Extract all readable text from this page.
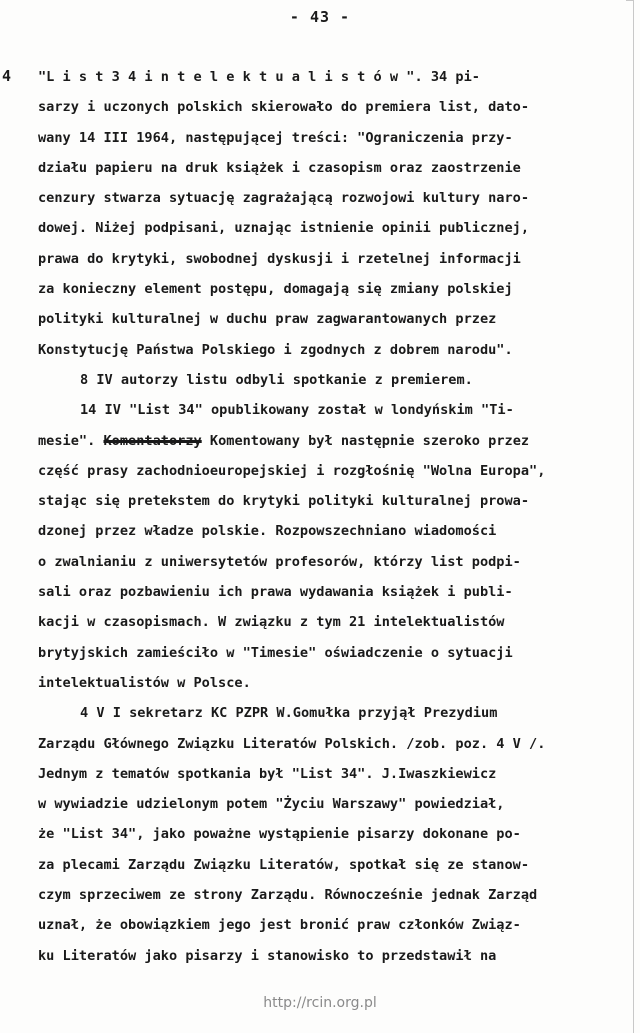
- 43 -
4 "L i s t 3 4 i n t e l e k t u a l i s t ó w ". 34 pi-
sarzy i uczonych polskich skierowało do premiera list, dato-
wany 14 III 1964, następującej treści: "Ograniczenia przy-
działu papieru na druk książek i czasopism oraz zaostrzenie
cenzury stwarza sytuację zagrażającą rozwojowi kultury naro-
dowej. Niżej podpisani, uznając istnienie opinii publicznej,
prawa do krytyki, swobodnej dyskusji i rzetelnej informacji
za konieczny element postępu, domagają się zmiany polskiej
polityki kulturalnej w duchu praw zagwarantowanych przez
Konstytucję Państwa Polskiego i zgodnych z dobrem narodu".
8 IV autorzy listu odbyli spotkanie z premierem.
14 IV "List 34" opublikowany został w londyńskim "Ti-
mesie". Komentatorzy Komentowany był następnie szeroko przez
część prasy zachodnioeuropejskiej i rozgłośnię "Wolna Europa",
stając się pretekstem do krytyki polityki kulturalnej prowa-
dzonej przez władze polskie. Rozpowszechniano wiadomości
o zwalnianiu z uniwersytetów profesorów, którzy list podpi-
sali oraz pozbawieniu ich prawa wydawania książek i publi-
kacji w czasopismach. W związku z tym 21 intelektualistów
brytyjskich zamieściło w "Timesie" oświadczenie o sytuacji
intelektualistów w Polsce.
4 V I sekretarz KC PZPR W.Gomułka przyjął Prezydium
Zarządu Głównego Związku Literatów Polskich. /zob. poz. 4 V /.
Jednym z tematów spotkania był "List 34". J.Iwaszkiewicz
w wywiadzie udzielonym potem "Życiu Warszawy" powiedział,
że "List 34", jako poważne wystąpienie pisarzy dokonane po-
za plecami Zarządu Związku Literatów, spotkał się ze stanow-
czym sprzeciwem ze strony Zarządu. Równocześnie jednak Zarząd
uznał, że obowiązkiem jego jest bronić praw członków Związ-
ku Literatów jako pisarzy i stanowisko to przedstawił na
http://rcin.org.pl
